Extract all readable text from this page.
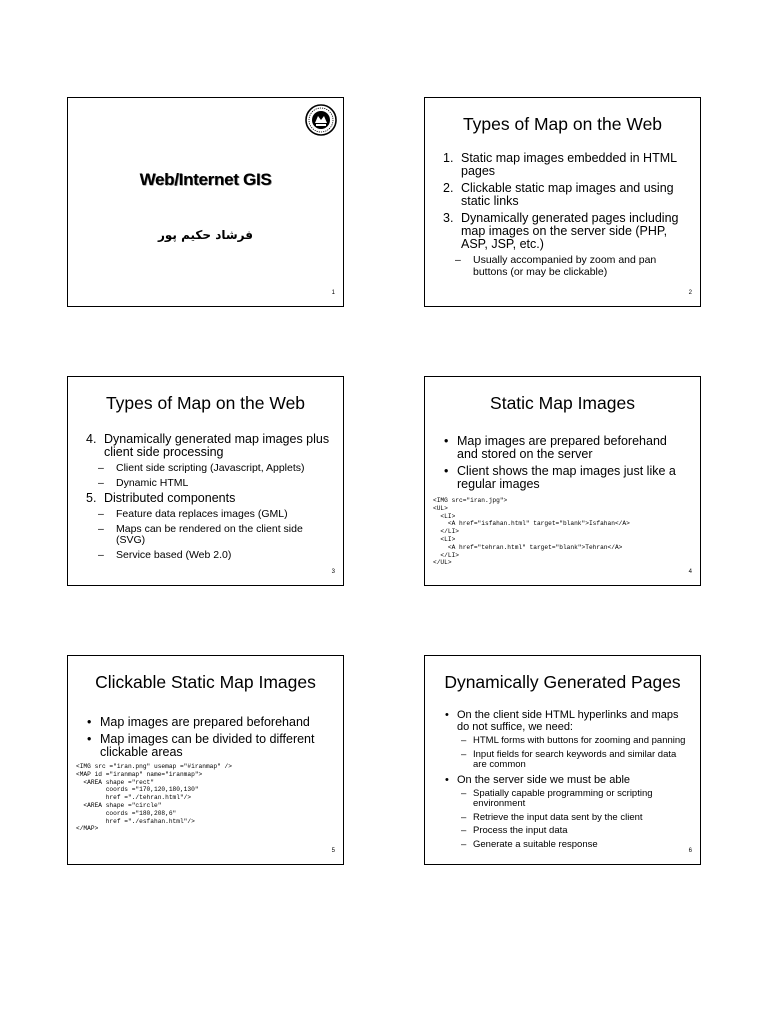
Web/Internet GIS
فرشاد حکیم پور
1
Types of Map on the Web
1. Static map images embedded in HTML pages
2. Clickable static map images and using static links
3. Dynamically generated pages including map images on the server side (PHP, ASP, JSP, etc.)
– Usually accompanied by zoom and pan buttons (or may be clickable)
2
Types of Map on the Web
4. Dynamically generated map images plus client side processing
– Client side scripting (Javascript, Applets)
– Dynamic HTML
5. Distributed components
– Feature data replaces images (GML)
– Maps can be rendered on the client side (SVG)
– Service based (Web 2.0)
3
Static Map Images
• Map images are prepared beforehand and stored on the server
• Client shows the map images just like a regular images
<IMG src="iran.jpg">
<UL>
<LI>
<A href="isfahan.html" target="blank">Isfahan</A>
</LI>
<LI>
<A href="tehran.html" target="blank">Tehran</A>
</LI>
</UL>
4
Clickable Static Map Images
• Map images are prepared beforehand
• Map images can be divided to different clickable areas
<IMG src ="iran.png" usemap ="#iranmap" />
<MAP id ="iranmap" name="iranmap">
<AREA shape ="rect"
coords ="170,120,180,130"
href ="./tehran.html"/>
<AREA shape ="circle"
coords ="180,208,6"
href ="./esfahan.html"/>
</MAP>
5
Dynamically Generated Pages
• On the client side HTML hyperlinks and maps do not suffice, we need:
– HTML forms with buttons for zooming and panning
– Input fields for search keywords and similar data are common
• On the server side we must be able
– Spatially capable programming or scripting environment
– Retrieve the input data sent by the client
– Process the input data
– Generate a suitable response
6
